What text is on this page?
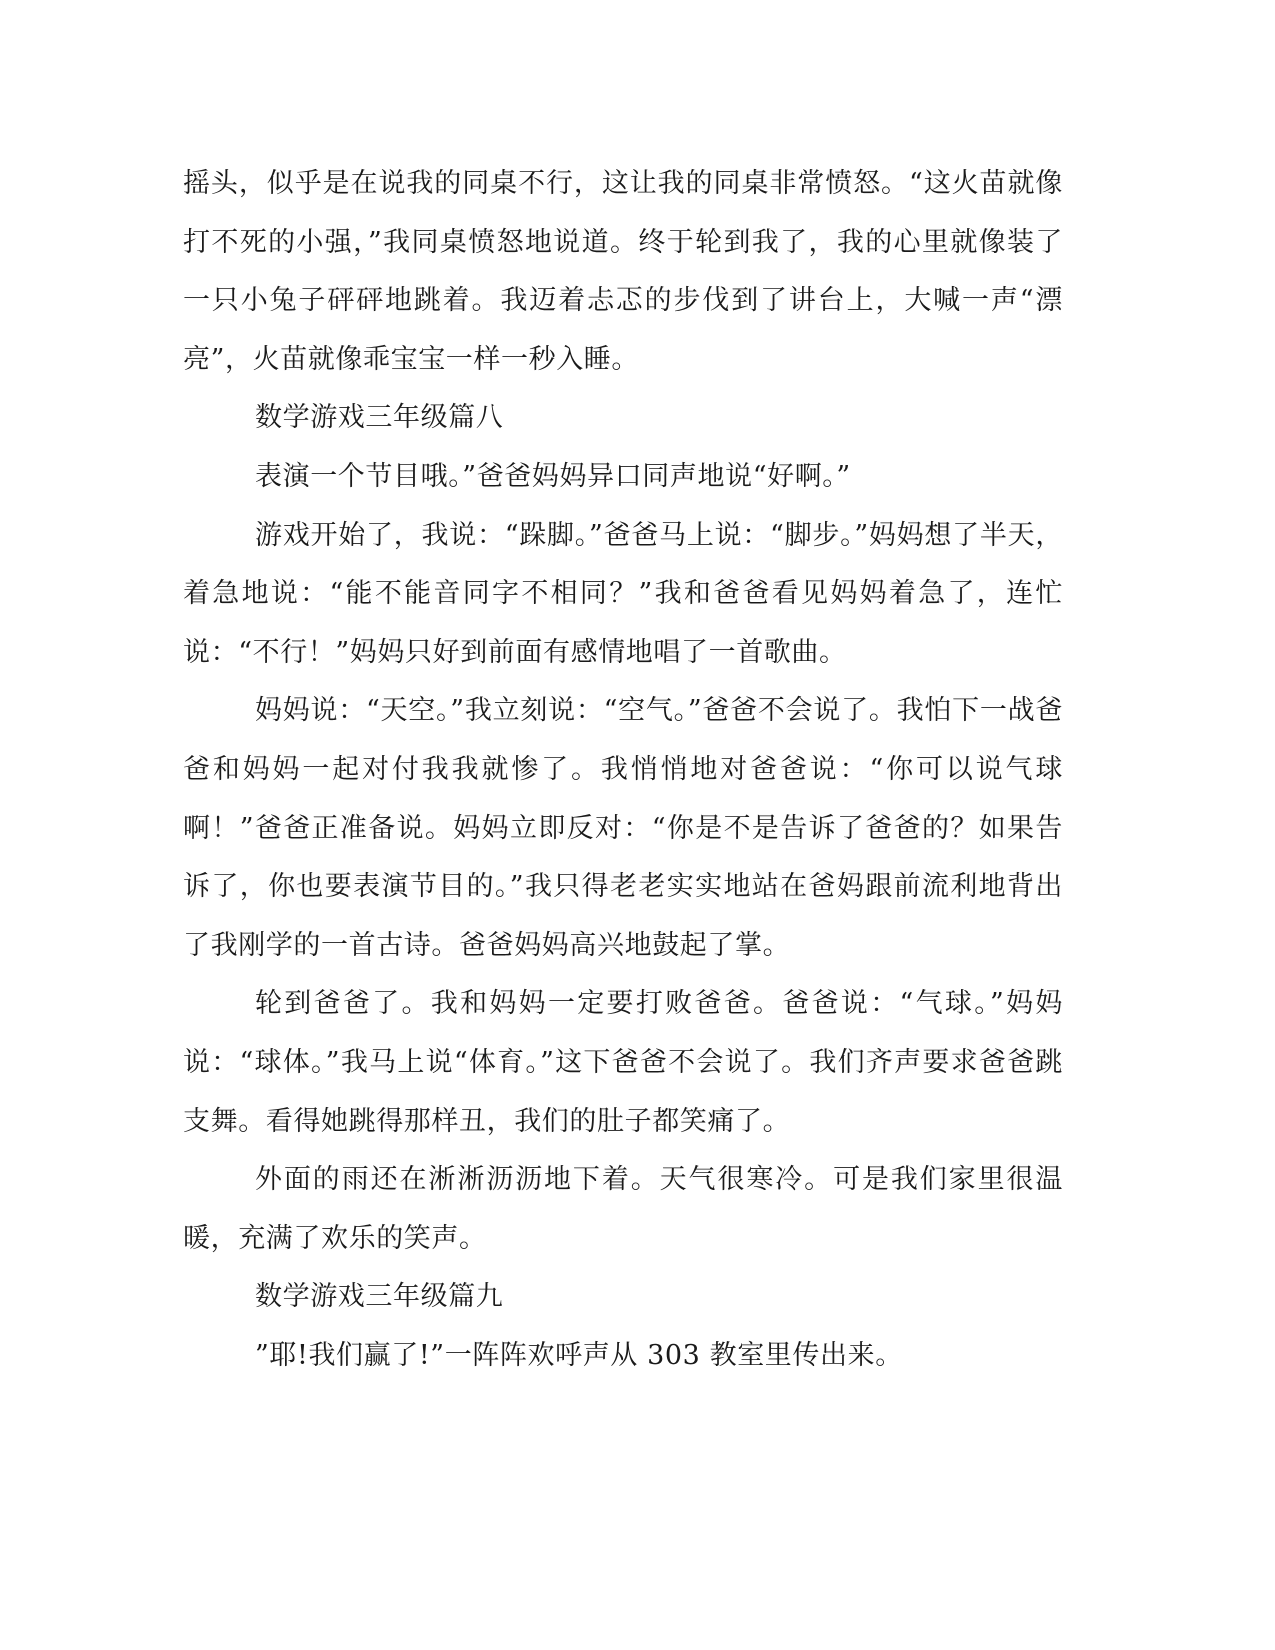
摇头，似乎是在说我的同桌不行，这让我的同桌非常愤怒。“这火苗就像打不死的小强，”我同桌愤怒地说道。终于轮到我了，我的心里就像装了一只小兔子砰砰地跳着。我迈着忐忑的步伐到了讲台上，大喊一声“漂亮”，火苗就像乖宝宝一样一秒入睡。

数学游戏三年级篇八

表演一个节目哦。”爸爸妈妈异口同声地说“好啊。”

游戏开始了，我说：“跺脚。”爸爸马上说：“脚步。”妈妈想了半天，着急地说：“能不能音同字不相同？”我和爸爸看见妈妈着急了，连忙说：“不行！”妈妈只好到前面有感情地唱了一首歌曲。

妈妈说：“天空。”我立刻说：“空气。”爸爸不会说了。我怕下一战爸爸和妈妈一起对付我我就惨了。我悄悄地对爸爸说：“你可以说气球啊！”爸爸正准备说。妈妈立即反对：“你是不是告诉了爸爸的？如果告诉了，你也要表演节目的。”我只得老老实实地站在爸妈跟前流利地背出了我刚学的一首古诗。爸爸妈妈高兴地鼓起了掌。

轮到爸爸了。我和妈妈一定要打败爸爸。爸爸说：“气球。”妈妈说：“球体。”我马上说“体育。”这下爸爸不会说了。我们齐声要求爸爸跳支舞。看得她跳得那样丑，我们的肚子都笑痛了。

外面的雨还在淅淅沥沥地下着。天气很寒冷。可是我们家里很温暖，充满了欢乐的笑声。

数学游戏三年级篇九

”耶!我们赢了!”一阵阵欢呼声从 303 教室里传出来。
